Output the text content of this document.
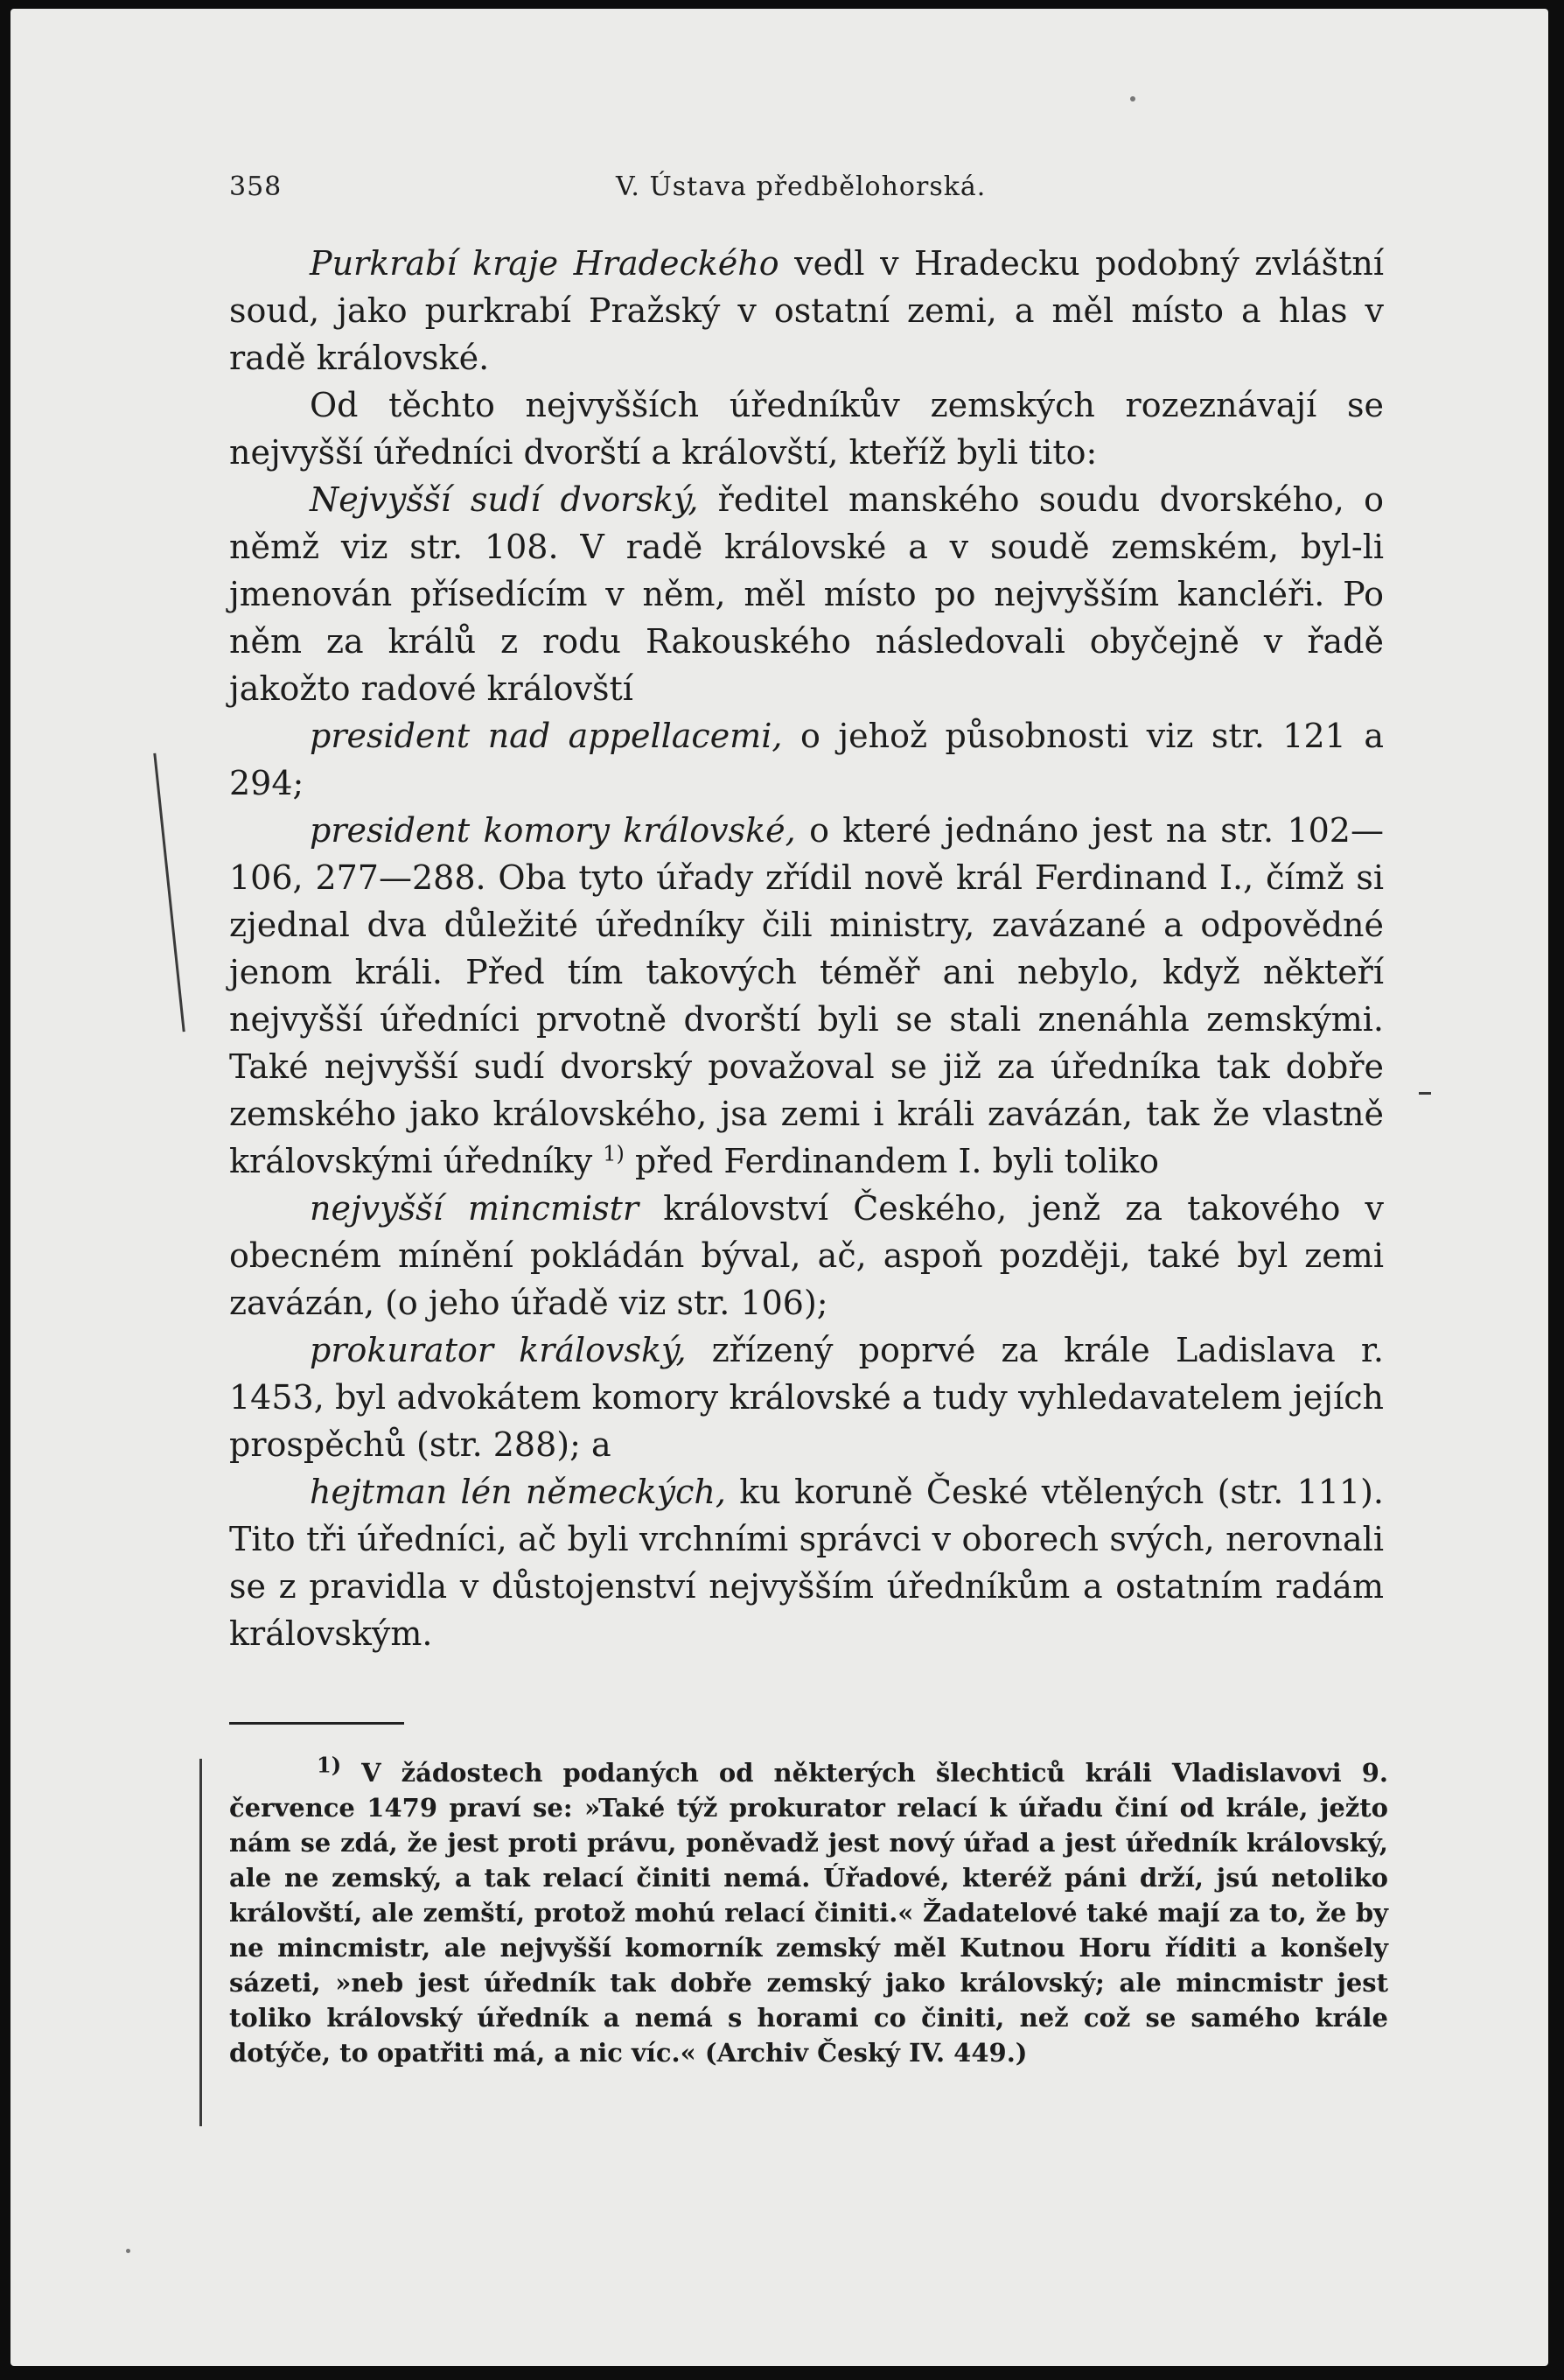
358	V. Ústava předbělohorská.

Purkrabí kraje Hradeckého vedl v Hradecku podobný zvláštní soud, jako purkrabí Pražský v ostatní zemi, a měl místo a hlas v radě královské.

Od těchto nejvyšších úředníkův zemských rozeznávají se nejvyšší úředníci dvorští a královští, kteříž byli tito:

Nejvyšší sudí dvorský, ředitel manského soudu dvorského, o němž viz str. 108. V radě královské a v soudě zemském, byl-li jmenován přísedícím v něm, měl místo po nejvyšším kancléři. Po něm za králů z rodu Rakouského následovali obyčejně v řadě jakožto radové královští

president nad appellacemi, o jehož působnosti viz str. 121 a 294;

president komory královské, o které jednáno jest na str. 102—106, 277—288. Oba tyto úřady zřídil nově král Ferdinand I., čímž si zjednal dva důležité úředníky čili ministry, zavázané a odpovědné jenom králi. Před tím takových téměř ani nebylo, když někteří nejvyšší úředníci prvotně dvorští byli se stali znenáhla zemskými. Také nejvyšší sudí dvorský považoval se již za úředníka tak dobře zemského jako královského, jsa zemi i králi zavázán, tak že vlastně královskými úředníky $^{1)}$ před Ferdinandem I. byli toliko

nejvyšší mincmistr království Českého, jenž za takového v obecném mínění pokládán býval, ač, aspoň později, také byl zemi zavázán, (o jeho úřadě viz str. 106);

prokurator královský, zřízený poprvé za krále Ladislava r. 1453, byl advokátem komory královské a tudy vyhledavatelem jejích prospěchů (str. 288); a

hejtman lén německých, ku koruně České vtělených (str. 111). Tito tři úředníci, ač byli vrchními správci v oborech svých, nerovnali se z pravidla v důstojenství nejvyšším úředníkům a ostatním radám královským.

$^{1)}$ V žádostech podaných od některých šlechticů králi Vladislavovi 9. července 1479 praví se: »Také týž prokurator relací k úřadu činí od krále, ježto nám se zdá, že jest proti právu, poněvadž jest nový úřad a jest úředník královský, ale ne zemský, a tak relací činiti nemá. Úřadové, kteréž páni drží, jsú netoliko královští, ale zemští, protož mohú relací činiti.« Žadatelové také mají za to, že by ne mincmistr, ale nejvyšší komorník zemský měl Kutnou Horu říditi a konšely sázeti, »neb jest úředník tak dobře zemský jako královský; ale mincmistr jest toliko královský úředník a nemá s horami co činiti, než což se samého krále dotýče, to opatřiti má, a nic víc.« (Archiv Český IV. 449.)
